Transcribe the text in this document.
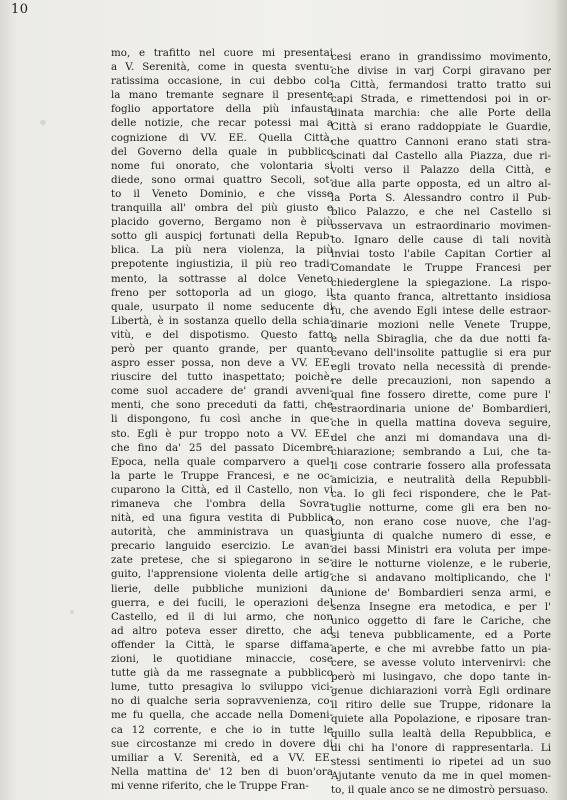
10
mo, e trafitto nel cuore mi presentai
a V. Serenità, come in questa sventu-
ratissima occasione, in cui debbo col-
la mano tremante segnare il presente
foglio apportatore della più infausta
delle notizie, che recar potessi mai a
cognizione di VV. EE. Quella Città,
del Governo della quale in pubblico
nome fui onorato, che volontaria si
diede, sono ormai quattro Secoli, sot-
to il Veneto Dominio, e che visse
tranquilla all' ombra del più giusto e
placido governo, Bergamo non è più
sotto gli auspicj fortunati della Repub-
blica. La più nera violenza, la più
prepotente ingiustizia, il più reo tradi-
mento, la sottrasse al dolce Veneto
freno per sottoporla ad un giogo, il
quale, usurpato il nome seducente di
Libertà, è in sostanza quello della schia-
vitù, e del dispotismo. Questo fatto
però per quanto grande, per quanto
aspro esser possa, non deve a VV. EE.
riuscire del tutto inaspettato; poichè,
come suol accadere de' grandi avveni-
menti, che sono preceduti da fatti, che
li dispongono, fu così anche in que-
sto. Egli è pur troppo noto a VV. EE.
che fino da' 25 del passato Dicembre
Epoca, nella quale comparvero a quel-
la parte le Truppe Francesi, e ne oc-
cuparono la Città, ed il Castello, non vi
rimaneva che l'ombra della Sovra-
nità, ed una figura vestita di Pubblica
autorità, che amministrava un quasi
precario languido esercizio. Le avan-
zate pretese, che si spiegarono in se-
guito, l'apprensione violenta delle artig-
lierie, delle pubbliche munizioni da
guerra, e dei fucili, le operazioni del
Castello, ed il di lui armo, che non
ad altro poteva esser diretto, che ad
offender la Città, le sparse diffama-
zioni, le quotidiane minaccie, cose
tutte già da me rassegnate a pubblico
lume, tutto presagiva lo sviluppo vici-
no di qualche seria sopravvenienza, co-
me fu quella, che accade nella Domeni-
ca 12 corrente, e che io in tutte le
sue circostanze mi credo in dovere di
umiliar a V. Serenità, ed a VV. EE.
Nella mattina de' 12 ben di buon'ora
mi venne riferito, che le Truppe Fran-
cesi erano in grandissimo movimento,
che divise in varj Corpi giravano per
la Città, fermandosi tratto tratto sui
capi Strada, e rimettendosi poi in or-
dinata marchia: che alle Porte della
Città si erano raddoppiate le Guardie,
che quattro Cannoni erano stati stra-
scinati dal Castello alla Piazza, due ri-
volti verso il Palazzo della Città, e
due alla parte opposta, ed un altro al-
la Porta S. Alessandro contro il Pub-
blico Palazzo, e che nel Castello si
osservava un estraordinario movimen-
to. Ignaro delle cause di tali novità
inviai tosto l'abile Capitan Cortier al
Comandate le Truppe Francesi per
chiederglene la spiegazione. La rispo-
sta quanto franca, altrettanto insidiosa
fu, che avendo Egli intese delle estraor-
dinarie mozioni nelle Venete Truppe,
e nella Sbiraglia, che da due notti fa-
cevano dell'insolite pattuglie si era pur
egli trovato nella necessità di prende-
re delle precauzioni, non sapendo a
qual fine fossero dirette, come pure l'
estraordinaria unione de' Bombardieri,
che in quella mattina doveva seguire,
del che anzi mi domandava una di-
chiarazione; sembrando a Lui, che ta-
li cose contrarie fossero alla professata
amicizia, e neutralità della Repubbli-
ca. Io gli feci rispondere, che le Pat-
tuglie notturne, come gli era ben no-
to, non erano cose nuove, che l'ag-
giunta di qualche numero di esse, e
dei bassi Ministri era voluta per impe-
dire le notturne violenze, e le ruberie,
che si andavano moltiplicando, che l'
unione de' Bombardieri senza armi, e
senza Insegne era metodica, e per l'
unico oggetto di fare le Cariche, che
si teneva pubblicamente, ed a Porte
aperte, e che mi avrebbe fatto un pia-
cere, se avesse voluto intervenirvi: che
però mi lusingavo, che dopo tante in-
genue dichiarazioni vorrà Egli ordinare
il ritiro delle sue Truppe, ridonare la
quiete alla Popolazione, e riposare tran-
quillo sulla lealtà della Repubblica, e
di chi ha l'onore di rappresentarla. Li
stessi sentimenti io ripetei ad un suo
Ajutante venuto da me in quel momen-
to, il quale anco se ne dimostrò persuaso.
